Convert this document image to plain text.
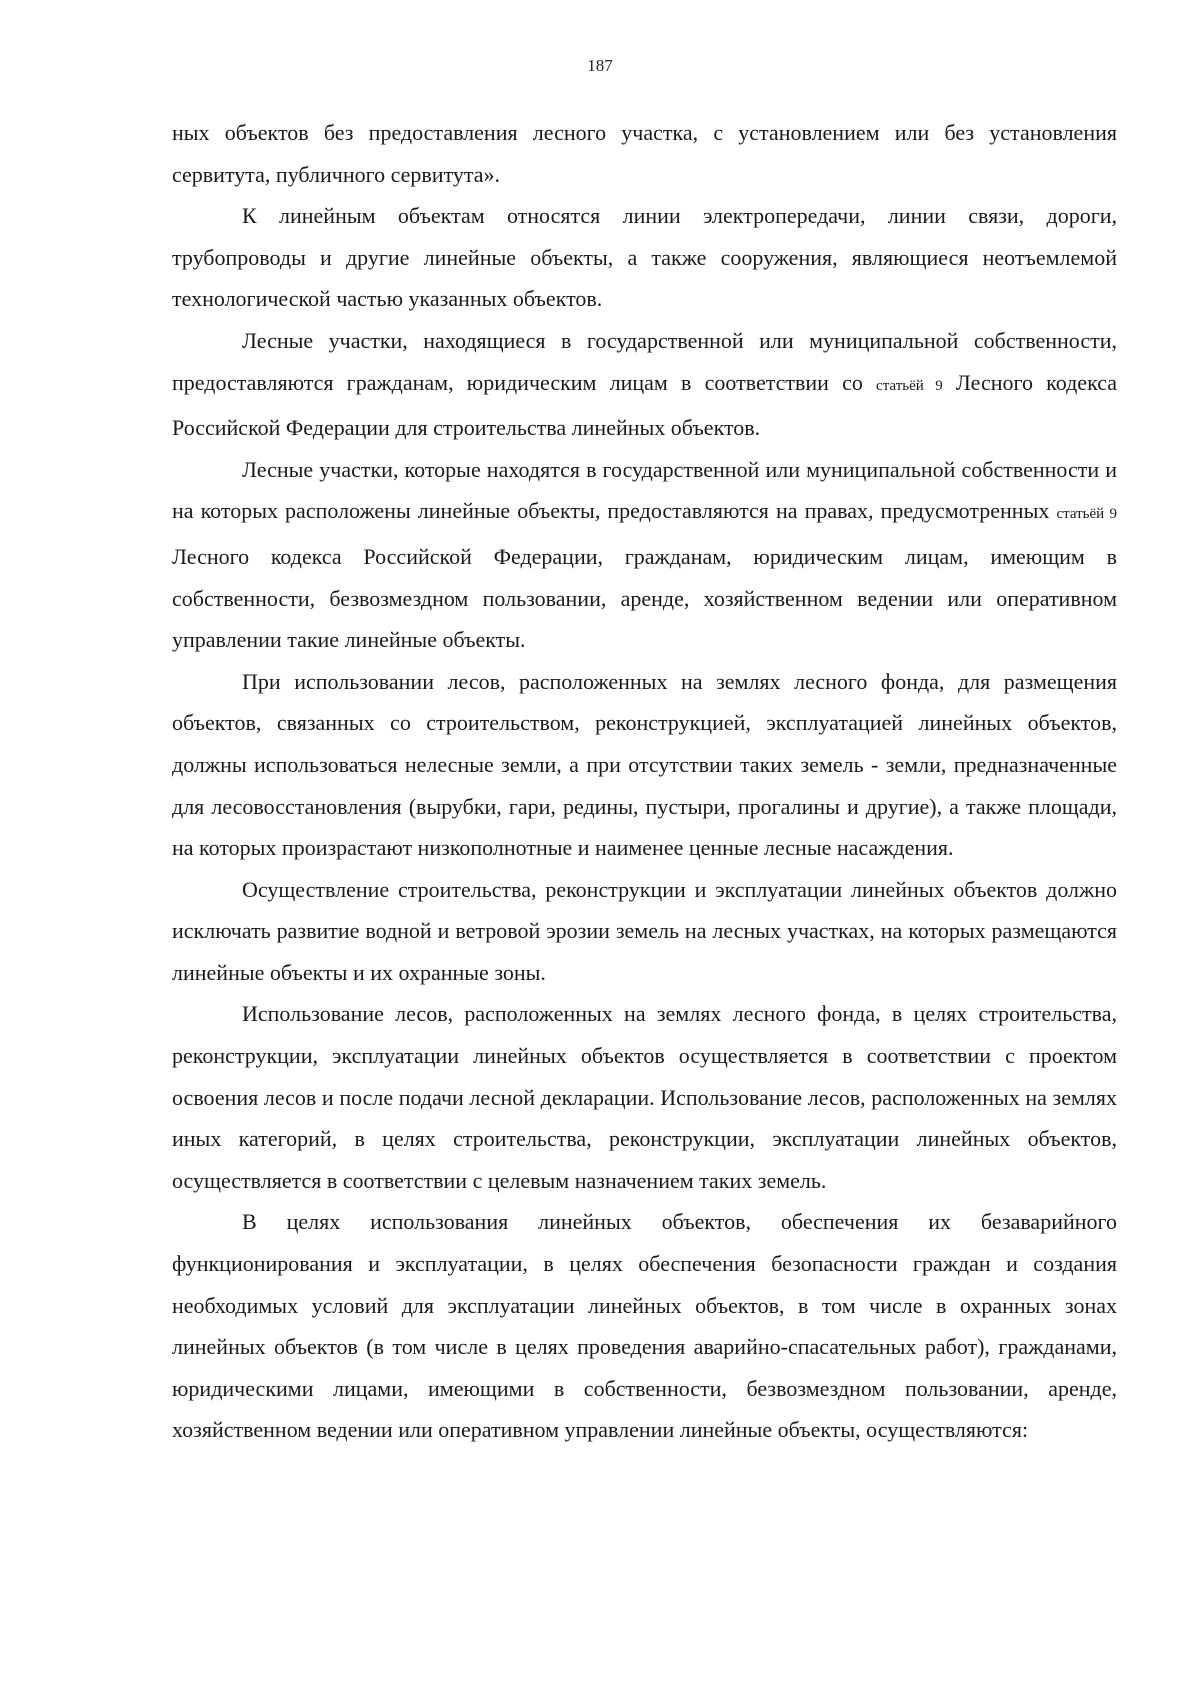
187

ных объектов без предоставления лесного участка, с установлением или без установления сервитута, публичного сервитута».

К линейным объектам относятся линии электропередачи, линии связи, дороги, трубопроводы и другие линейные объекты, а также сооружения, являющиеся неотъемлемой технологической частью указанных объектов.

Лесные участки, находящиеся в государственной или муниципальной собственности, предоставляются гражданам, юридическим лицам в соответствии со статьёй 9 Лесного кодекса Российской Федерации для строительства линейных объектов.

Лесные участки, которые находятся в государственной или муниципальной собственности и на которых расположены линейные объекты, предоставляются на правах, предусмотренных статьёй 9 Лесного кодекса Российской Федерации, гражданам, юридическим лицам, имеющим в собственности, безвозмездном пользовании, аренде, хозяйственном ведении или оперативном управлении такие линейные объекты.

При использовании лесов, расположенных на землях лесного фонда, для размещения объектов, связанных со строительством, реконструкцией, эксплуатацией линейных объектов, должны использоваться нелесные земли, а при отсутствии таких земель - земли, предназначенные для лесовосстановления (вырубки, гари, редины, пустыри, прогалины и другие), а также площади, на которых произрастают низкополнотные и наименее ценные лесные насаждения.

Осуществление строительства, реконструкции и эксплуатации линейных объектов должно исключать развитие водной и ветровой эрозии земель на лесных участках, на которых размещаются линейные объекты и их охранные зоны.

Использование лесов, расположенных на землях лесного фонда, в целях строительства, реконструкции, эксплуатации линейных объектов осуществляется в соответствии с проектом освоения лесов и после подачи лесной декларации. Использование лесов, расположенных на землях иных категорий, в целях строительства, реконструкции, эксплуатации линейных объектов, осуществляется в соответствии с целевым назначением таких земель.

В целях использования линейных объектов, обеспечения их безаварийного функционирования и эксплуатации, в целях обеспечения безопасности граждан и создания необходимых условий для эксплуатации линейных объектов, в том числе в охранных зонах линейных объектов (в том числе в целях проведения аварийно-спасательных работ), гражданами, юридическими лицами, имеющими в собственности, безвозмездном пользовании, аренде, хозяйственном ведении или оперативном управлении линейные объекты, осуществляются:
